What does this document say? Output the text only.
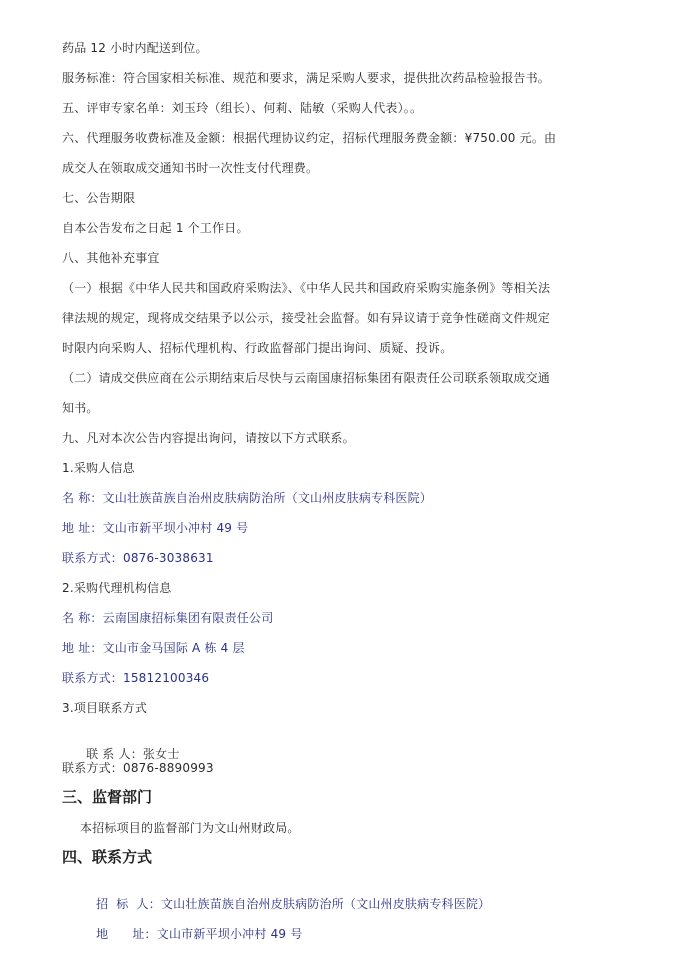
药品 12 小时内配送到位。

服务标准：符合国家相关标准、规范和要求，满足采购人要求，提供批次药品检验报告书。

五、评审专家名单：刘玉玲（组长）、何莉、陆敏（采购人代表）。。

六、代理服务收费标准及金额：根据代理协议约定，招标代理服务费金额：¥750.00 元。由

成交人在领取成交通知书时一次性支付代理费。

七、公告期限

自本公告发布之日起 1 个工作日。

八、其他补充事宜

（一）根据《中华人民共和国政府采购法》、《中华人民共和国政府采购实施条例》等相关法

律法规的规定，现将成交结果予以公示，接受社会监督。如有异议请于竞争性磋商文件规定

时限内向采购人、招标代理机构、行政监督部门提出询问、质疑、投诉。

（二）请成交供应商在公示期结束后尽快与云南国康招标集团有限责任公司联系领取成交通

知书。

九、凡对本次公告内容提出询问，请按以下方式联系。

1.采购人信息

名 称：文山壮族苗族自治州皮肤病防治所（文山州皮肤病专科医院）

地 址：文山市新平坝小冲村 49 号

联系方式：0876-3038631

2.采购代理机构信息

名 称：云南国康招标集团有限责任公司

地 址：文山市金马国际 A 栋 4 层

联系方式：15812100346

3.项目联系方式

联 系 人：张女士

联系方式：0876-8890993

三、监督部门

本招标项目的监督部门为文山州财政局。

四、联系方式

招  标  人：文山壮族苗族自治州皮肤病防治所（文山州皮肤病专科医院）

地      址：文山市新平坝小冲村 49 号
